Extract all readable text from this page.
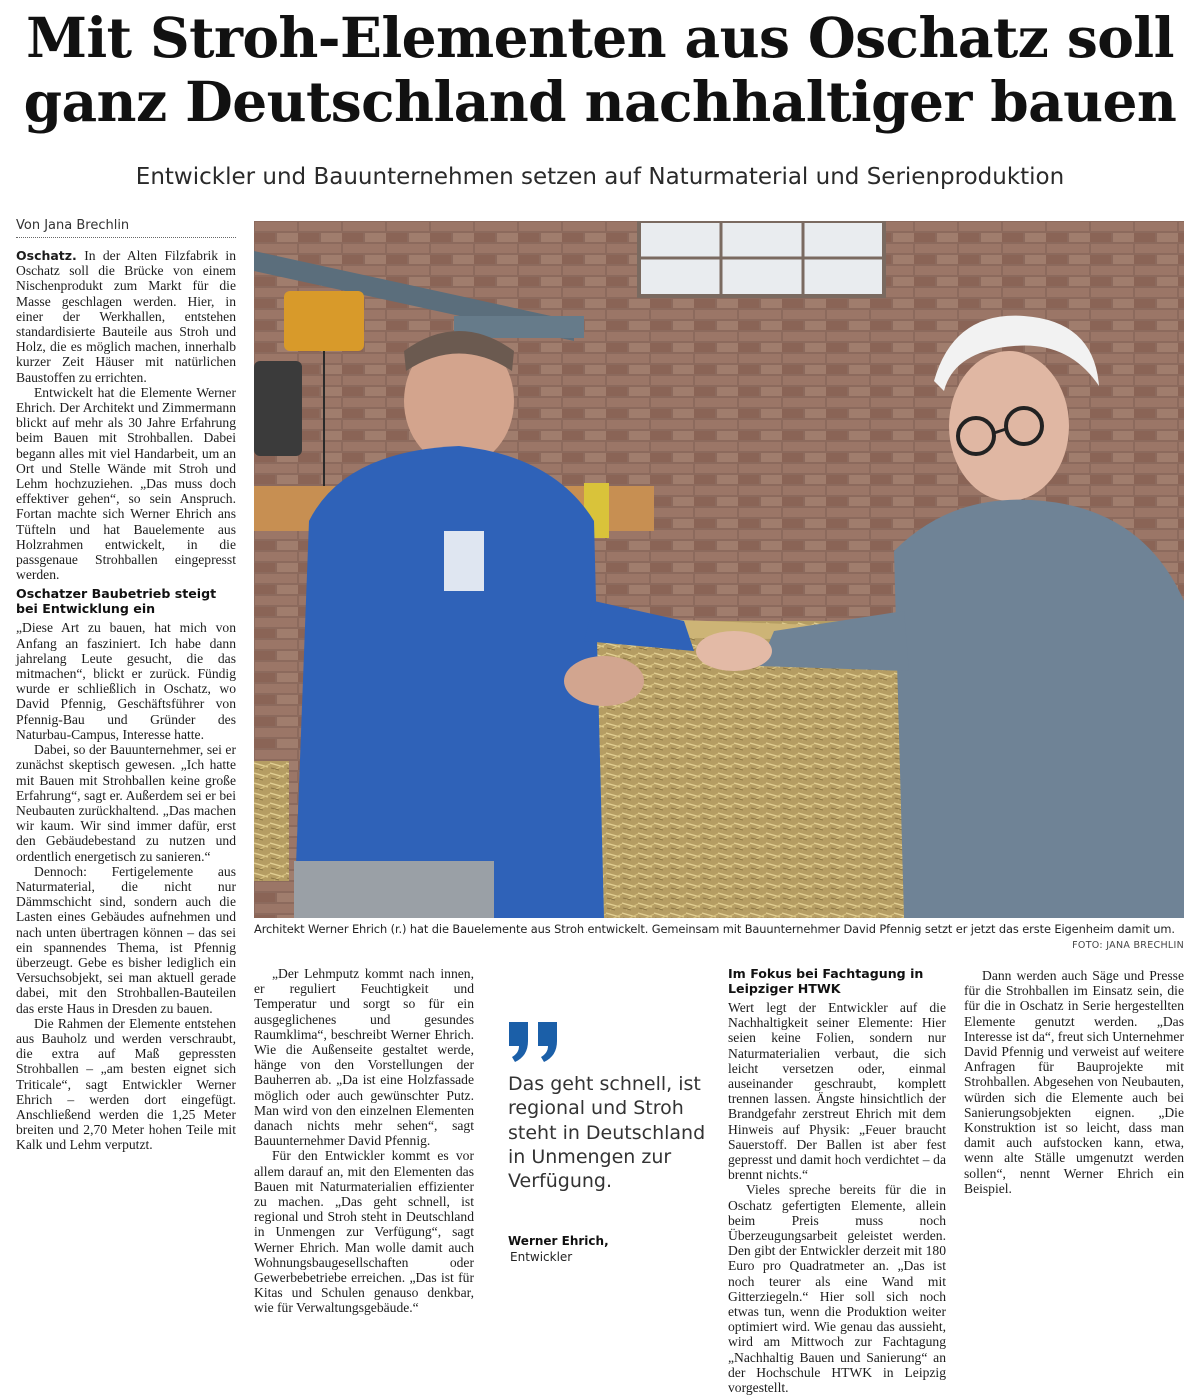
Mit Stroh-Elementen aus Oschatz soll
ganz Deutschland nachhaltiger bauen
Entwickler und Bauunternehmen setzen auf Naturmaterial und Serienproduktion
Von Jana Brechlin

Oschatz. In der Alten Filzfabrik in Oschatz soll die Brücke von einem Nischenprodukt zum Markt für die Masse geschlagen werden. Hier, in einer der Werkhallen, entstehen standardisierte Bauteile aus Stroh und Holz, die es möglich machen, innerhalb kurzer Zeit Häuser mit natürlichen Baustoffen zu errichten.

Entwickelt hat die Elemente Werner Ehrich. Der Architekt und Zimmermann blickt auf mehr als 30 Jahre Erfahrung beim Bauen mit Strohballen. Dabei begann alles mit viel Handarbeit, um an Ort und Stelle Wände mit Stroh und Lehm hochzuziehen. „Das muss doch effektiver gehen“, so sein Anspruch. Fortan machte sich Werner Ehrich ans Tüfteln und hat Bauelemente aus Holzrahmen entwickelt, in die passgenaue Strohballen eingepresst werden.

Oschatzer Baubetrieb steigt bei Entwicklung ein

„Diese Art zu bauen, hat mich von Anfang an fasziniert. Ich habe dann jahrelang Leute gesucht, die das mitmachen“, blickt er zurück. Fündig wurde er schließlich in Oschatz, wo David Pfennig, Geschäftsführer von Pfennig-Bau und Gründer des Naturbau-Campus, Interesse hatte.

Dabei, so der Bauunternehmer, sei er zunächst skeptisch gewesen. „Ich hatte mit Bauen mit Strohballen keine große Erfahrung“, sagt er. Außerdem sei er bei Neubauten zurückhaltend. „Das machen wir kaum. Wir sind immer dafür, erst den Gebäudebestand zu nutzen und ordentlich energetisch zu sanieren.“

Dennoch: Fertigelemente aus Naturmaterial, die nicht nur Dämmschicht sind, sondern auch die Lasten eines Gebäudes aufnehmen und nach unten übertragen können – das sei ein spannendes Thema, ist Pfennig überzeugt. Gebe es bisher lediglich ein Versuchsobjekt, sei man aktuell gerade dabei, mit den Strohballen-Bauteilen das erste Haus in Dresden zu bauen.

Die Rahmen der Elemente entstehen aus Bauholz und werden verschraubt, die extra auf Maß gepressten Strohballen – „am besten eignet sich Triticale“, sagt Entwickler Werner Ehrich – werden dort eingefügt. Anschließend werden die 1,25 Meter breiten und 2,70 Meter hohen Teile mit Kalk und Lehm verputzt.

Architekt Werner Ehrich (r.) hat die Bauelemente aus Stroh entwickelt. Gemeinsam mit Bauunternehmer David Pfennig setzt er jetzt das erste Eigenheim damit um.
FOTO: JANA BRECHLIN

„Der Lehmputz kommt nach innen, er reguliert Feuchtigkeit und Temperatur und sorgt so für ein ausgeglichenes und gesundes Raumklima“, beschreibt Werner Ehrich. Wie die Außenseite gestaltet werde, hänge von den Vorstellungen der Bauherren ab. „Da ist eine Holzfassade möglich oder auch gewünschter Putz. Man wird von den einzelnen Elementen danach nichts mehr sehen“, sagt Bauunternehmer David Pfennig.

Für den Entwickler kommt es vor allem darauf an, mit den Elementen das Bauen mit Naturmaterialien effizienter zu machen. „Das geht schnell, ist regional und Stroh steht in Deutschland in Unmengen zur Verfügung“, sagt Werner Ehrich. Man wolle damit auch Wohnungsbaugesellschaften oder Gewerbebetriebe erreichen. „Das ist für Kitas und Schulen genauso denkbar, wie für Verwaltungsgebäude.“

Das geht schnell, ist regional und Stroh steht in Deutschland in Unmengen zur Verfügung.
Werner Ehrich,
Entwickler
Im Fokus bei Fachtagung in Leipziger HTWK

Wert legt der Entwickler auf die Nachhaltigkeit seiner Elemente: Hier seien keine Folien, sondern nur Naturmaterialien verbaut, die sich leicht versetzen oder, einmal auseinander geschraubt, komplett trennen lassen. Ängste hinsichtlich der Brandgefahr zerstreut Ehrich mit dem Hinweis auf Physik: „Feuer braucht Sauerstoff. Der Ballen ist aber fest gepresst und damit hoch verdichtet – da brennt nichts.“

Vieles spreche bereits für die in Oschatz gefertigten Elemente, allein beim Preis muss noch Überzeugungsarbeit geleistet werden. Den gibt der Entwickler derzeit mit 180 Euro pro Quadratmeter an. „Das ist noch teurer als eine Wand mit Gitterziegeln.“ Hier soll sich noch etwas tun, wenn die Produktion weiter optimiert wird. Wie genau das aussieht, wird am Mittwoch zur Fachtagung „Nachhaltig Bauen und Sanierung“ an der Hochschule HTWK in Leipzig vorgestellt.

Dann werden auch Säge und Presse für die Strohballen im Einsatz sein, die für die in Oschatz in Serie hergestellten Elemente genutzt werden. „Das Interesse ist da“, freut sich Unternehmer David Pfennig und verweist auf weitere Anfragen für Bauprojekte mit Strohballen. Abgesehen von Neubauten, würden sich die Elemente auch bei Sanierungsobjekten eignen. „Die Konstruktion ist so leicht, dass man damit auch aufstocken kann, etwa, wenn alte Ställe umgenutzt werden sollen“, nennt Werner Ehrich ein Beispiel.
